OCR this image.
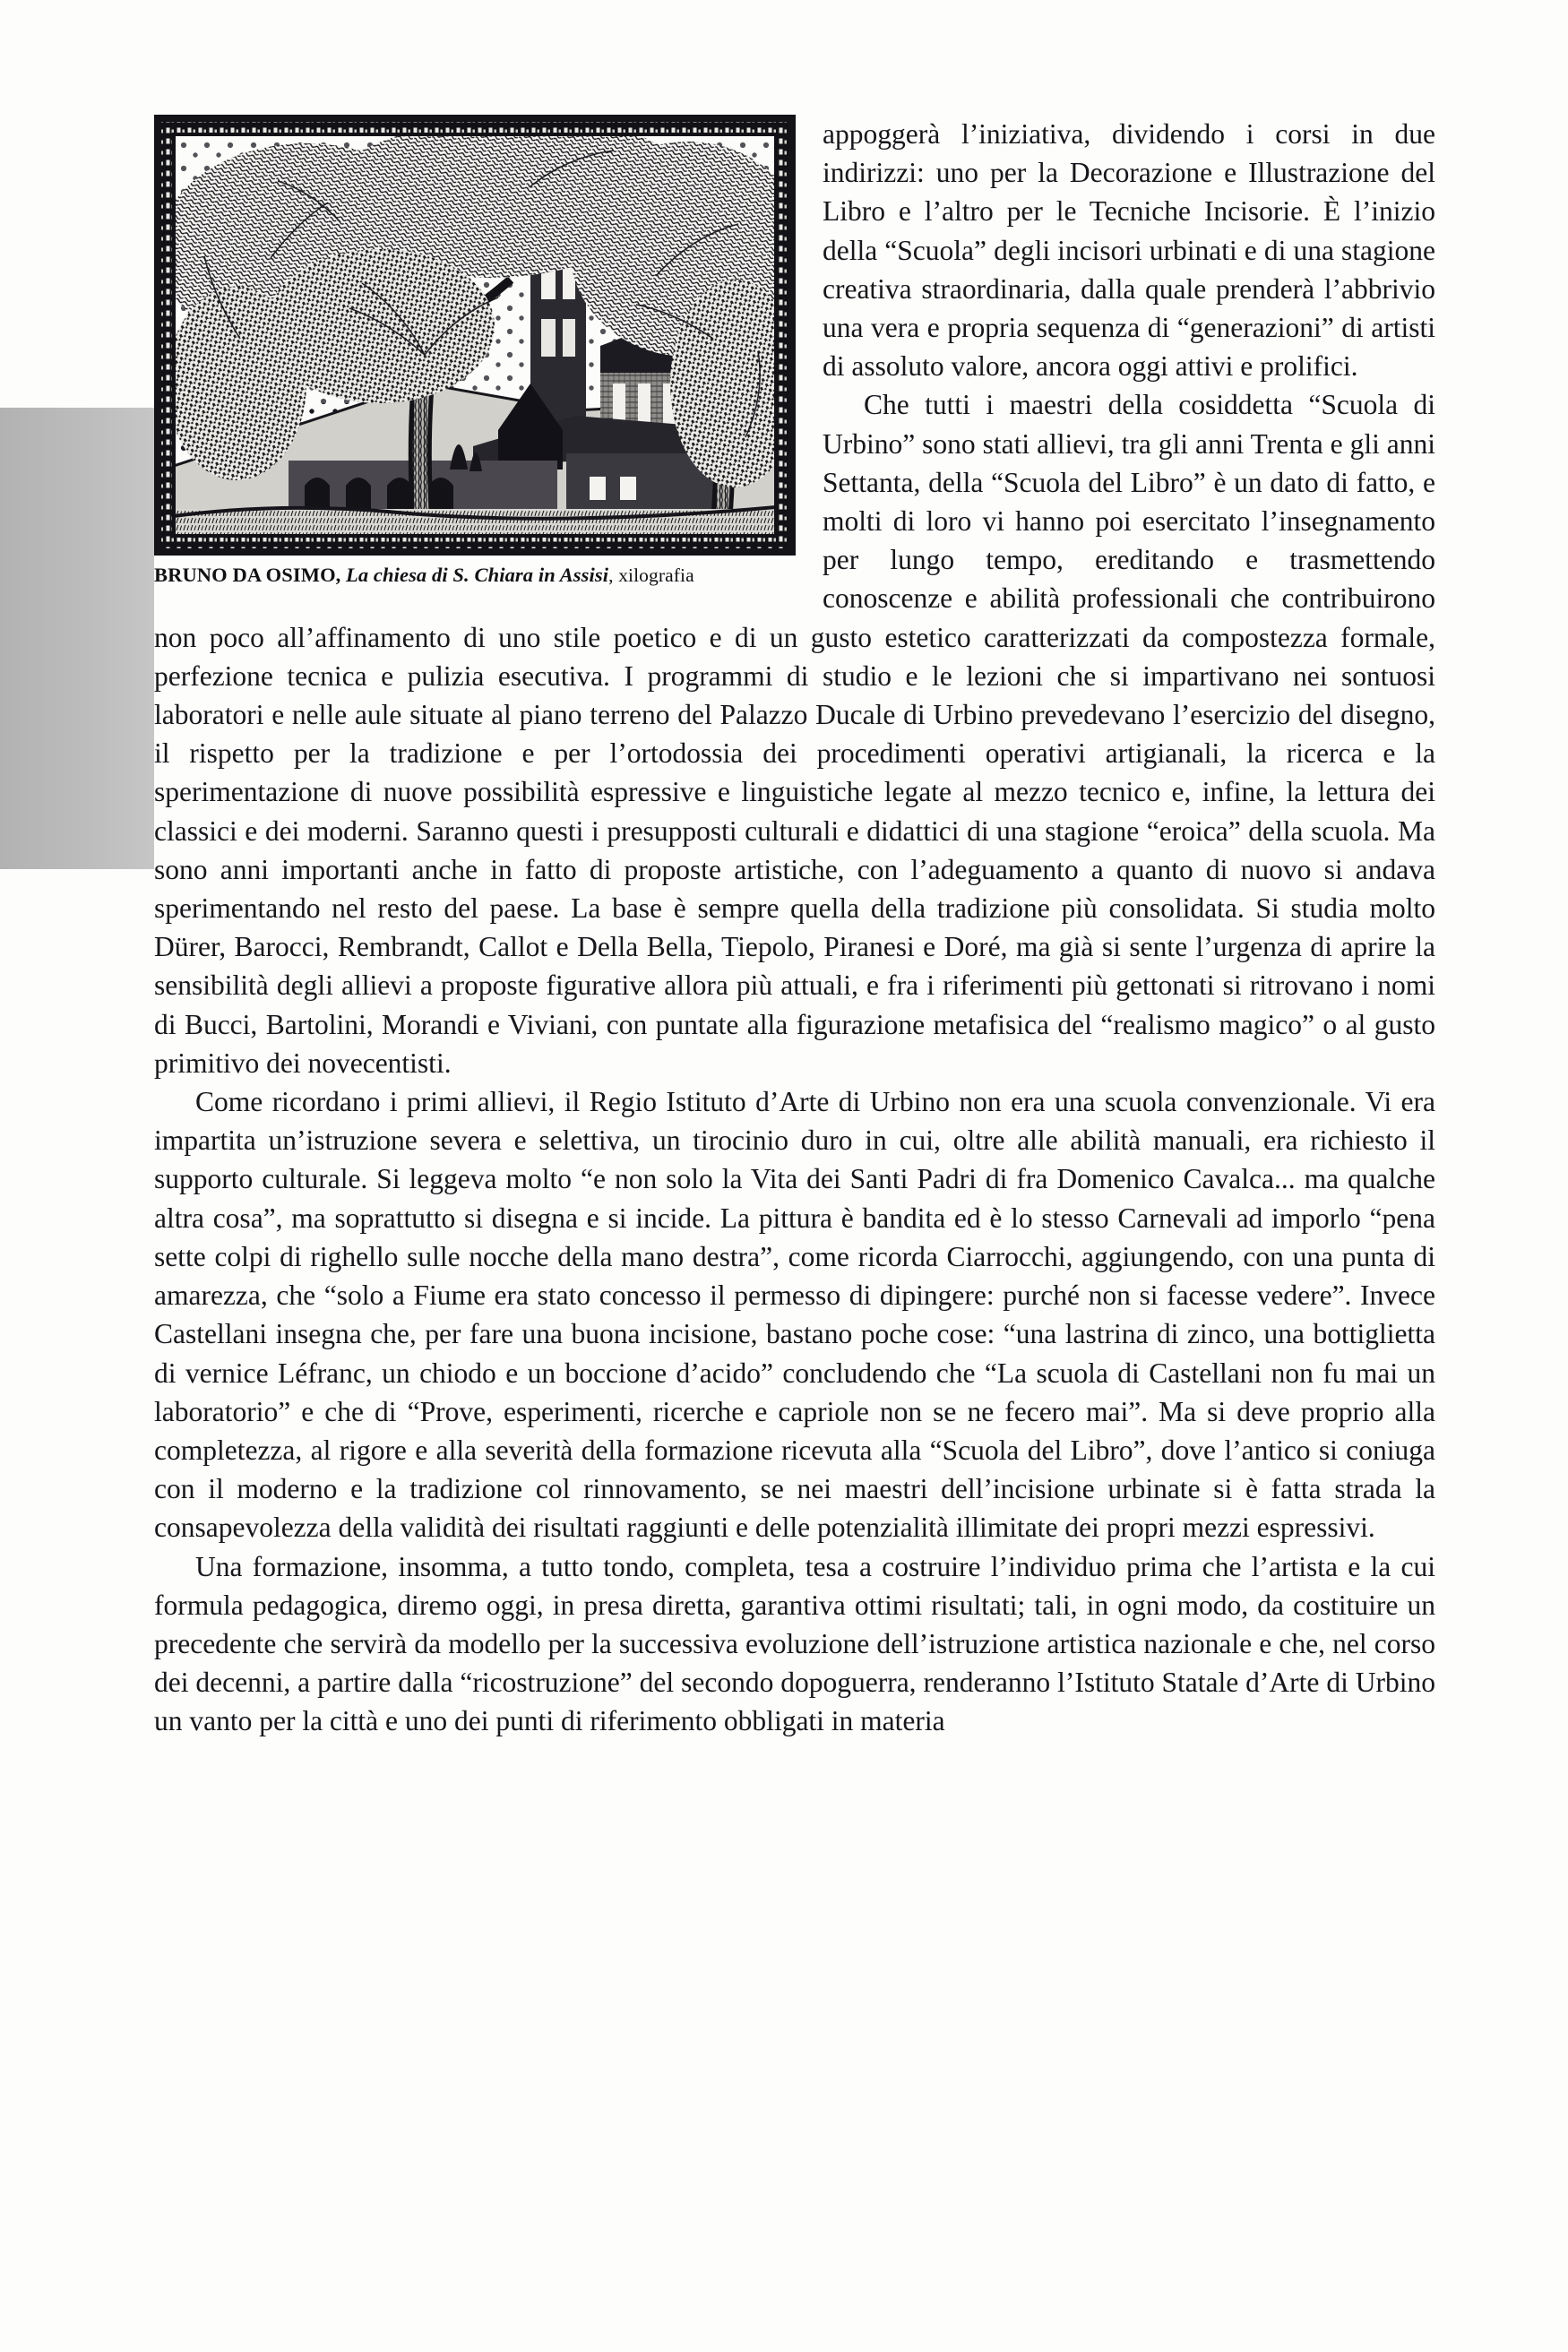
BRUNO DA OSIMO, La chiesa di S. Chiara in Assisi, xilografia

appoggerà l’iniziativa, dividendo i corsi in due indirizzi: uno per la Decorazione e Illustrazione del Libro e l’altro per le Tecniche Incisorie. È l’inizio della “Scuola” degli incisori urbinati e di una stagione creativa straordinaria, dalla quale prenderà l’abbrivio una vera e propria sequenza di “generazioni” di artisti di assoluto valore, ancora oggi attivi e prolifici.

Che tutti i maestri della cosiddetta “Scuola di Urbino” sono stati allievi, tra gli anni Trenta e gli anni Settanta, della “Scuola del Libro” è un dato di fatto, e molti di loro vi hanno poi esercitato l’insegnamento per lungo tempo, ereditando e trasmettendo conoscenze e abilità professionali che contribuirono non poco all’affinamento di uno stile poetico e di un gusto estetico caratterizzati da compostezza formale, perfezione tecnica e pulizia esecutiva. I programmi di studio e le lezioni che si impartivano nei sontuosi laboratori e nelle aule situate al piano terreno del Palazzo Ducale di Urbino prevedevano l’esercizio del disegno, il rispetto per la tradizione e per l’ortodossia dei procedimenti operativi artigianali, la ricerca e la sperimentazione di nuove possibilità espressive e linguistiche legate al mezzo tecnico e, infine, la lettura dei classici e dei moderni. Saranno questi i presupposti culturali e didattici di una stagione “eroica” della scuola. Ma sono anni importanti anche in fatto di proposte artistiche, con l’adeguamento a quanto di nuovo si andava sperimentando nel resto del paese. La base è sempre quella della tradizione più consolidata. Si studia molto Dürer, Barocci, Rembrandt, Callot e Della Bella, Tiepolo, Piranesi e Doré, ma già si sente l’urgenza di aprire la sensibilità degli allievi a proposte figurative allora più attuali, e fra i riferimenti più gettonati si ritrovano i nomi di Bucci, Bartolini, Morandi e Viviani, con puntate alla figurazione metafisica del “realismo magico” o al gusto primitivo dei novecentisti.

Come ricordano i primi allievi, il Regio Istituto d’Arte di Urbino non era una scuola convenzionale. Vi era impartita un’istruzione severa e selettiva, un tirocinio duro in cui, oltre alle abilità manuali, era richiesto il supporto culturale. Si leggeva molto “e non solo la Vita dei Santi Padri di fra Domenico Cavalca... ma qualche altra cosa”, ma soprattutto si disegna e si incide. La pittura è bandita ed è lo stesso Carnevali ad imporlo “pena sette colpi di righello sulle nocche della mano destra”, come ricorda Ciarrocchi, aggiungendo, con una punta di amarezza, che “solo a Fiume era stato concesso il permesso di dipingere: purché non si facesse vedere”. Invece Castellani insegna che, per fare una buona incisione, bastano poche cose: “una lastrina di zinco, una bottiglietta di vernice Léfranc, un chiodo e un boccione d’acido” concludendo che “La scuola di Castellani non fu mai un laboratorio” e che di “Prove, esperimenti, ricerche e capriole non se ne fecero mai”. Ma si deve proprio alla completezza, al rigore e alla severità della formazione ricevuta alla “Scuola del Libro”, dove l’antico si coniuga con il moderno e la tradizione col rinnovamento, se nei maestri dell’incisione urbinate si è fatta strada la consapevolezza della validità dei risultati raggiunti e delle potenzialità illimitate dei propri mezzi espressivi.

Una formazione, insomma, a tutto tondo, completa, tesa a costruire l’individuo prima che l’artista e la cui formula pedagogica, diremo oggi, in presa diretta, garantiva ottimi risultati; tali, in ogni modo, da costituire un precedente che servirà da modello per la successiva evoluzione dell’istruzione artistica nazionale e che, nel corso dei decenni, a partire dalla “ricostruzione” del secondo dopoguerra, renderanno l’Istituto Statale d’Arte di Urbino un vanto per la città e uno dei punti di riferimento obbligati in materia
